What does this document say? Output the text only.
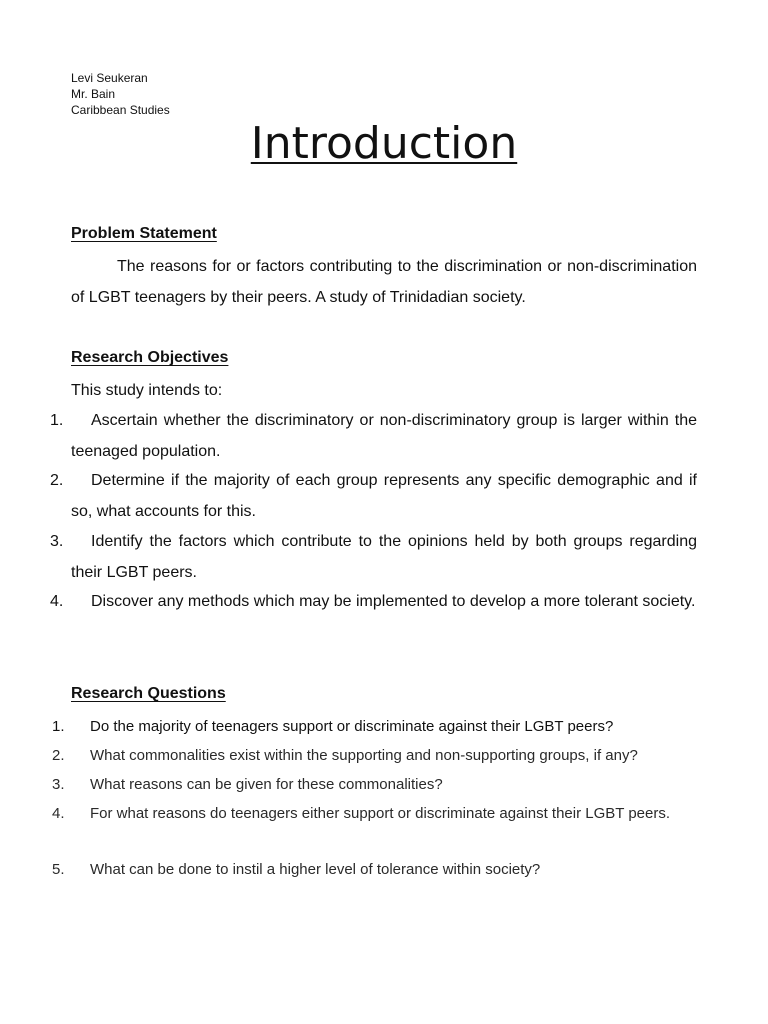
Levi Seukeran
Mr. Bain
Caribbean Studies
Introduction
Problem Statement
The reasons for or factors contributing to the discrimination or non-discrimination of LGBT teenagers by their peers. A study of Trinidadian society.
Research Objectives
This study intends to:
1.	Ascertain whether the discriminatory or non-discriminatory group is larger within the teenaged population.
2.	Determine if the majority of each group represents any specific demographic and if so, what accounts for this.
3.	Identify the factors which contribute to the opinions held by both groups regarding their LGBT peers.
4.	Discover any methods which may be implemented to develop a more tolerant society.
Research Questions
1.	Do the majority of teenagers support or discriminate against their LGBT peers?
2.	What commonalities exist within the supporting and non-supporting groups, if any?
3.	What reasons can be given for these commonalities?
4.	For what reasons do teenagers either support or discriminate against their LGBT peers.
5.	What can be done to instil a higher level of tolerance within society?
